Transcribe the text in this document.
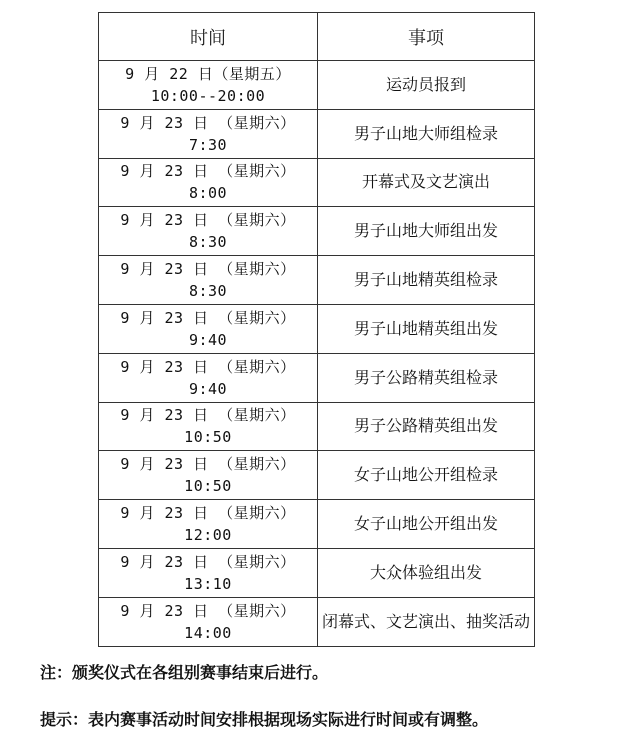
时间	事项

9 月 22 日（星期五）
10:00--20:00	运动员报到

9 月 23 日 （星期六）
7:30	男子山地大师组检录

9 月 23 日 （星期六）
8:00	开幕式及文艺演出

9 月 23 日 （星期六）
8:30	男子山地大师组出发

9 月 23 日 （星期六）
8:30	男子山地精英组检录

9 月 23 日 （星期六）
9:40	男子山地精英组出发

9 月 23 日 （星期六）
9:40	男子公路精英组检录

9 月 23 日 （星期六）
10:50	男子公路精英组出发

9 月 23 日 （星期六）
10:50	女子山地公开组检录

9 月 23 日 （星期六）
12:00	女子山地公开组出发

9 月 23 日 （星期六）
13:10	大众体验组出发

9 月 23 日 （星期六）
14:00	闭幕式、文艺演出、抽奖活动
注：颁奖仪式在各组别赛事结束后进行。
提示：表内赛事活动时间安排根据现场实际进行时间或有调整。
